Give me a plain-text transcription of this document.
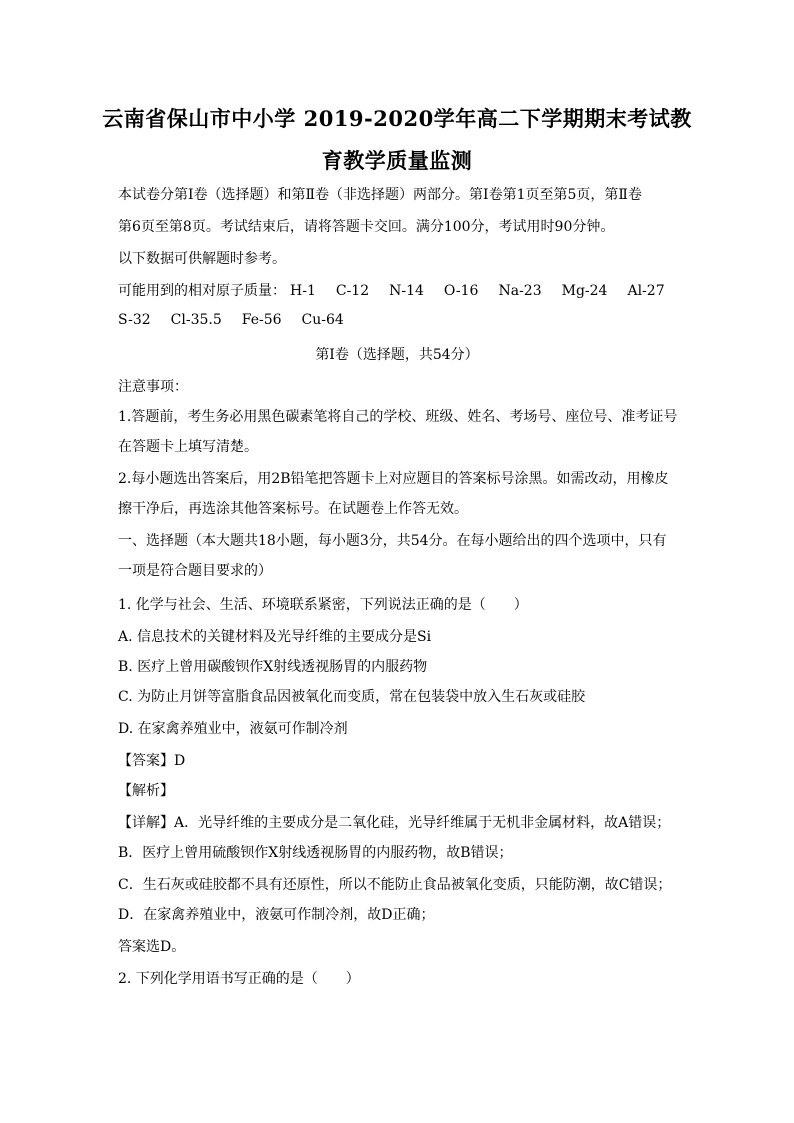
云南省保山市中小学 2019-2020学年高二下学期期末考试教
育教学质量监测
本试卷分第Ⅰ卷（选择题）和第Ⅱ卷（非选择题）两部分。第Ⅰ卷第1页至第5页，第Ⅱ卷
第6页至第8页。考试结束后，请将答题卡交回。满分100分，考试用时90分钟。
以下数据可供解题时参考。
可能用到的相对原子质量： H-1 C-12 N-14 O-16 Na-23 Mg-24 Al-27
S-32 Cl-35.5 Fe-56 Cu-64
第Ⅰ卷（选择题，共54分）
注意事项：
1.答题前，考生务必用黑色碳素笔将自己的学校、班级、姓名、考场号、座位号、准考证号
在答题卡上填写清楚。
2.每小题选出答案后，用2B铅笔把答题卡上对应题目的答案标号涂黑。如需改动，用橡皮
擦干净后，再选涂其他答案标号。在试题卷上作答无效。
一、选择题（本大题共18小题，每小题3分，共54分。在每小题给出的四个选项中，只有
一项是符合题目要求的）
1. 化学与社会、生活、环境联系紧密，下列说法正确的是（　　）
A. 信息技术的关键材料及光导纤维的主要成分是Si
B. 医疗上曾用碳酸钡作X射线透视肠胃的内服药物
C. 为防止月饼等富脂食品因被氧化而变质，常在包装袋中放入生石灰或硅胶
D. 在家禽养殖业中，液氨可作制冷剂
【答案】D
【解析】
【详解】A．光导纤维的主要成分是二氧化硅，光导纤维属于无机非金属材料，故A错误；
B．医疗上曾用硫酸钡作X射线透视肠胃的内服药物，故B错误；
C．生石灰或硅胶都不具有还原性，所以不能防止食品被氧化变质，只能防潮，故C错误；
D．在家禽养殖业中，液氨可作制冷剂，故D正确；
答案选D。
2. 下列化学用语书写正确的是（　　）
